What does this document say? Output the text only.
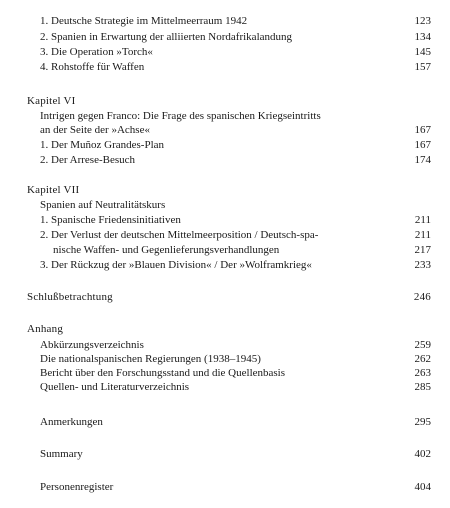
1. Deutsche Strategie im Mittelmeerraum 1942	123
2. Spanien in Erwartung der alliierten Nordafrikalandung	134
3. Die Operation »Torch«	145
4. Rohstoffe für Waffen	157
Kapitel VI
Intrigen gegen Franco: Die Frage des spanischen Kriegseintritts
an der Seite der »Achse«	167
1. Der Muñoz Grandes-Plan	167
2. Der Arrese-Besuch	174
Kapitel VII
Spanien auf Neutralitätskurs
1. Spanische Friedensinitiativen	211
2. Der Verlust der deutschen Mittelmeerposition / Deutsch-spa-	211
nische Waffen- und Gegenlieferungsverhandlungen	217
3. Der Rückzug der »Blauen Division« / Der »Wolframkrieg«	233
Schlußbetrachtung	246
Anhang
Abkürzungsverzeichnis	259
Die nationalspanischen Regierungen (1938–1945)	262
Bericht über den Forschungsstand und die Quellenbasis	263
Quellen- und Literaturverzeichnis	285
Anmerkungen	295
Summary	402
Personenregister	404
